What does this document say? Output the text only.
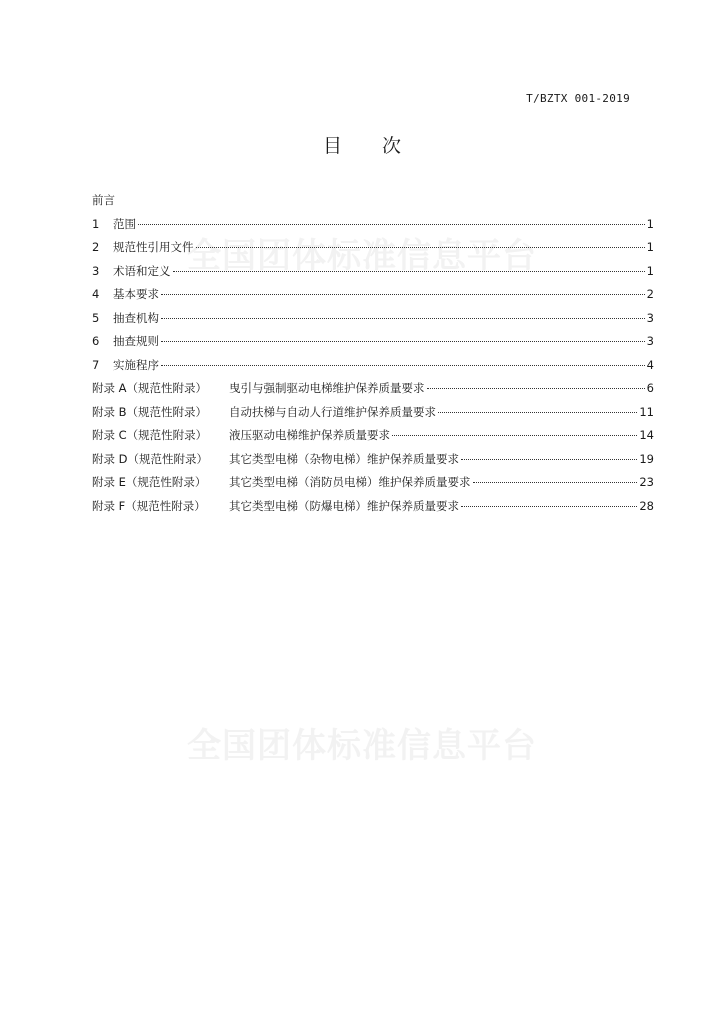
全国团体标准信息平台
全国团体标准信息平台
T/BZTX 001-2019
目 次
前言
1	范围	1
2	规范性引用文件	1
3	术语和定义	1
4	基本要求	2
5	抽查机构	3
6	抽查规则	3
7	实施程序	4
附录 A（规范性附录）	曳引与强制驱动电梯维护保养质量要求	6
附录 B（规范性附录）	自动扶梯与自动人行道维护保养质量要求	11
附录 C（规范性附录）	液压驱动电梯维护保养质量要求	14
附录 D（规范性附录）	其它类型电梯（杂物电梯）维护保养质量要求	19
附录 E（规范性附录）	其它类型电梯（消防员电梯）维护保养质量要求	23
附录 F（规范性附录）	其它类型电梯（防爆电梯）维护保养质量要求	28
